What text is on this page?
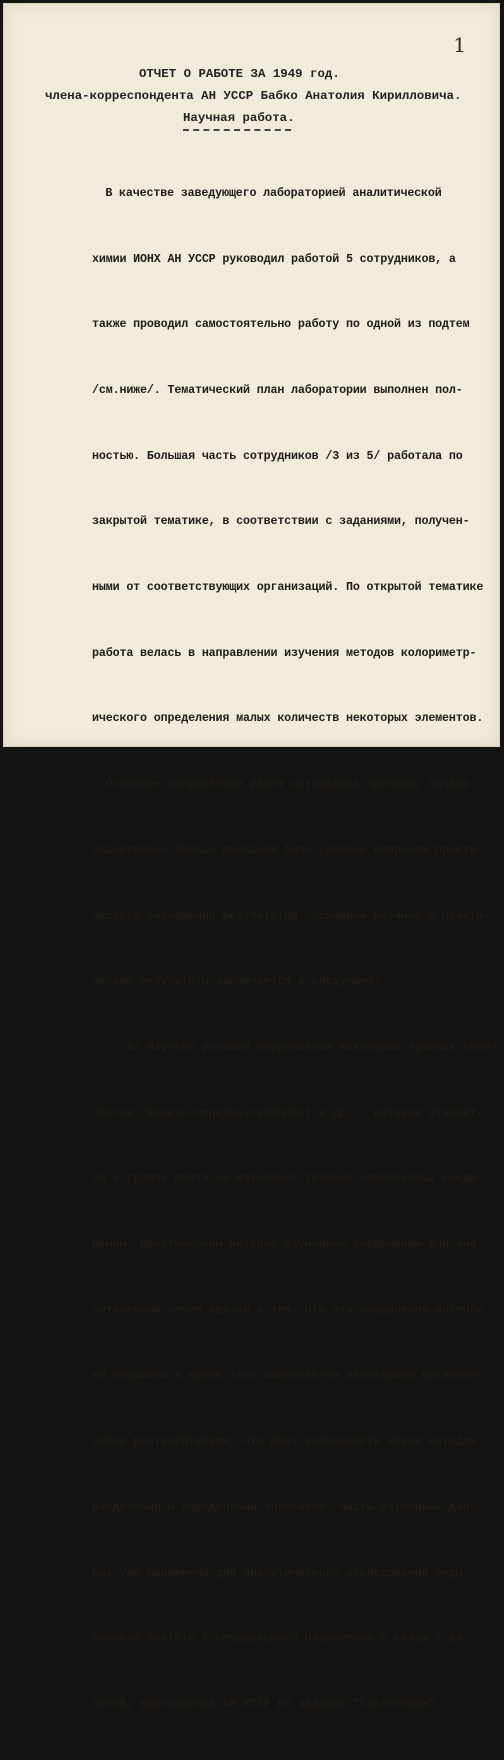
1
ОТЧЕТ О РАБОТЕ ЗА 1949 год.
члена-корреспондента АН УССР Бабко Анатолия Кирилловича.
Научная работа.

В качестве заведующего лабораторией аналитической

химии ИОНХ АН УССР руководил работой 5 сотрудников, а

также проводил самостоятельно работу по одной из подтем

/см.ниже/. Тематический план лаборатории выполнен пол-

ностью. Большая часть сотрудников /3 из 5/ работала по

закрытой тематике, в соответствии с заданиями, получен-

ными от соответствующих организаций. По открытой тематике

работа велась в направлении изучения методов колориметр-

ического определения малых количеств некоторых элементов.

Основное направление работ оставалось прежним, однако

значительно больше внимания было уделено вопросам практи-

ческого завершения результатов. Основные научные и практи-

ческие результаты заключаются в следующем:

а/ Изучены условия образования некоторых тройных комп-

лексов /железо-пиридин-салицилат и др./, которые относят-

ся к группе почти не изученных тройных комплексных соеди-

нений. Практический интерес изученных соединений для ана-

литической химии связан с тем, что эти соединения интенси

но окрашены и кроме того извлекаются некоторыми органиче-

скими растворителями, что дает возможность новых методов

разделения и определения элементов. Часть изученных дан-

ных уже применена для аналитического исследования меди

высокой чистоты % специального назначения в связи с ра-

ботой, выполняемой АН УССР по заданию "Гостехники".
